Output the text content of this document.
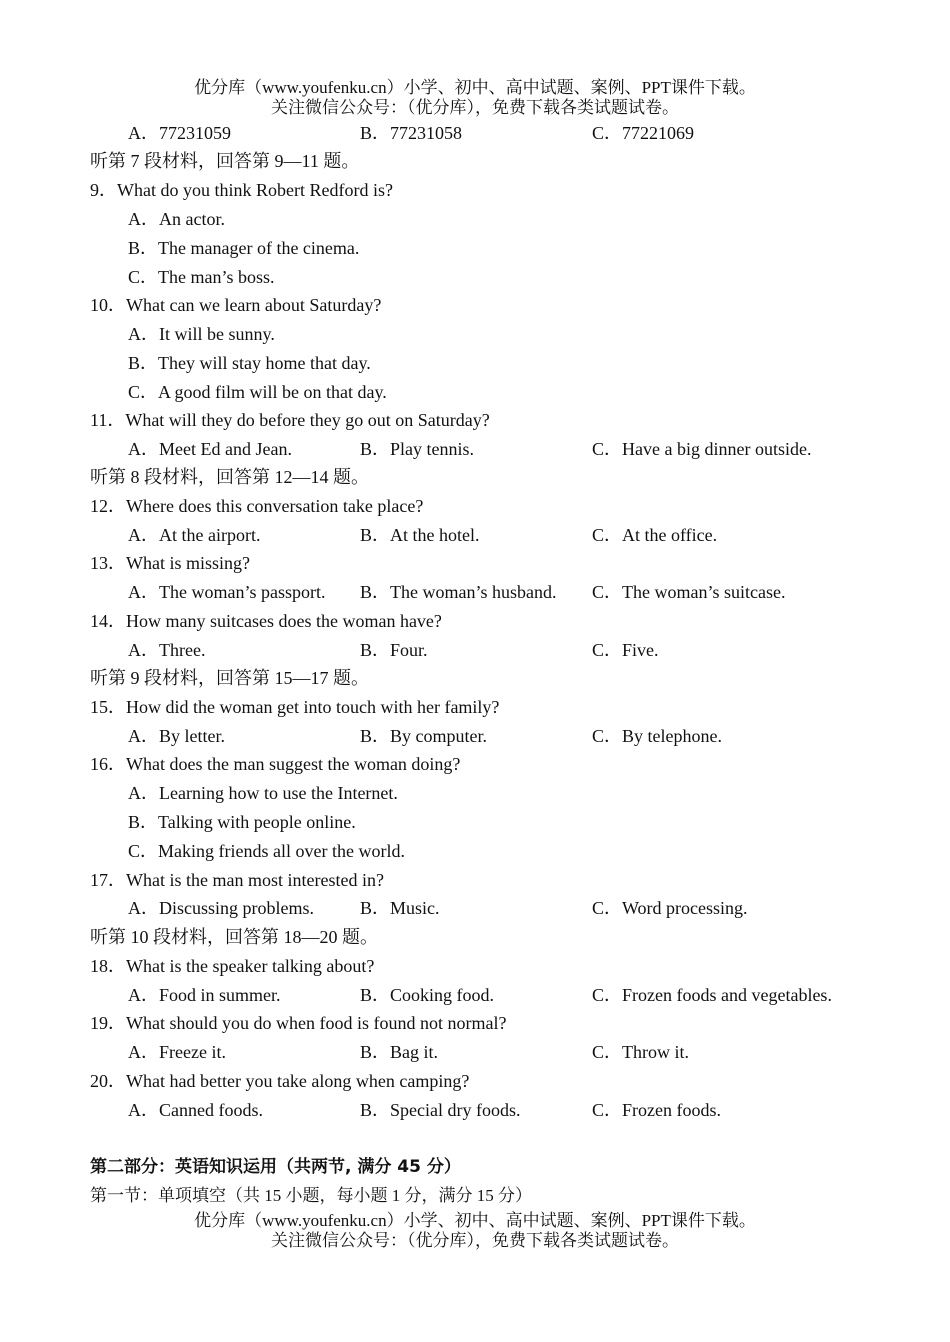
优分库（www.youfenku.cn）小学、初中、高中试题、案例、PPT课件下载。
关注微信公众号：（优分库），免费下载各类试题试卷。
A．77231059	B．77231058	C．77221069
听第 7 段材料，回答第 9—11 题。
9．What do you think Robert Redford is?
A．An actor.
B．The manager of the cinema.
C．The man’s boss.
10．What can we learn about Saturday?
A．It will be sunny.
B．They will stay home that day.
C．A good film will be on that day.
11．What will they do before they go out on Saturday?
A．Meet Ed and Jean.	B．Play tennis.	C．Have a big dinner outside.
听第 8 段材料，回答第 12—14 题。
12．Where does this conversation take place?
A．At the airport.	B．At the hotel.	C．At the office.
13．What is missing?
A．The woman’s passport. B．The woman’s husband. C．The woman’s suitcase.
14．How many suitcases does the woman have?
A．Three.	B．Four.	C．Five.
听第 9 段材料，回答第 15—17 题。
15．How did the woman get into touch with her family?
A．By letter.	B．By computer.	C．By telephone.
16．What does the man suggest the woman doing?
A．Learning how to use the Internet.
B．Talking with people online.
C．Making friends all over the world.
17．What is the man most interested in?
A．Discussing problems.	B．Music.	C．Word processing.
听第 10 段材料，回答第 18—20 题。
18．What is the speaker talking about?
A．Food in summer.	B．Cooking food.	C．Frozen foods and vegetables.
19．What should you do when food is found not normal?
A．Freeze it.	B．Bag it.	C．Throw it.
20．What had better you take along when camping?
A．Canned foods.	B．Special dry foods.	C．Frozen foods.
第二部分：英语知识运用（共两节, 满分 45 分）
第一节：单项填空（共 15 小题，每小题 1 分，满分 15 分）
优分库（www.youfenku.cn）小学、初中、高中试题、案例、PPT课件下载。
关注微信公众号：（优分库），免费下载各类试题试卷。
